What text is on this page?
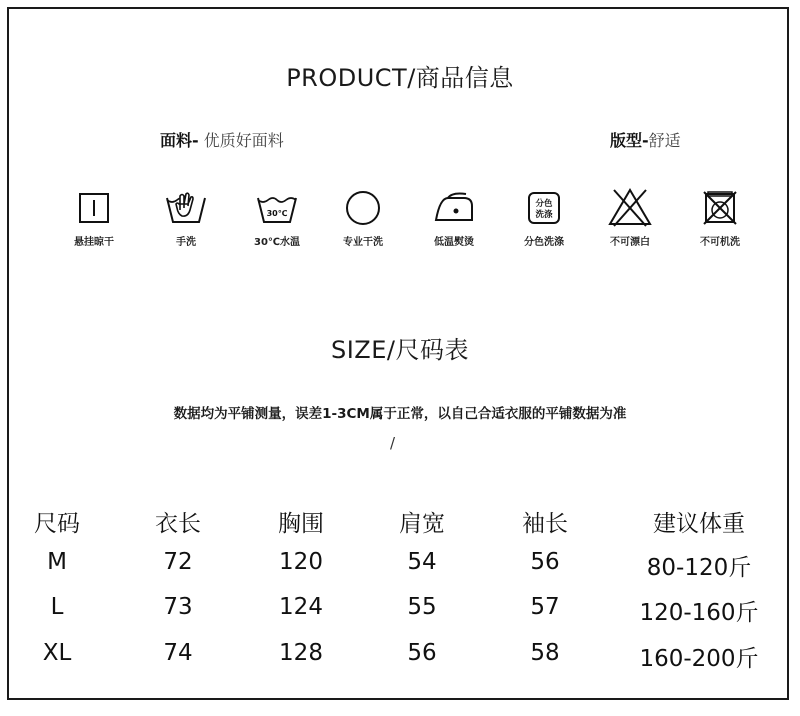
PRODUCT/商品信息
面料- 优质好面料	版型-舒适
悬挂晾干	手洗
30℃
30℃水温	专业干洗	低温熨烫
分色
洗涤
分色洗涤	不可漂白	不可机洗
SIZE/尺码表
数据均为平铺测量，误差1-3CM属于正常，以自己合适衣服的平铺数据为准
/
尺码	衣长	胸围	肩宽	袖长	建议体重
M	72	120	54	56	80-120斤
L	73	124	55	57	120-160斤
XL	74	128	56	58	160-200斤
